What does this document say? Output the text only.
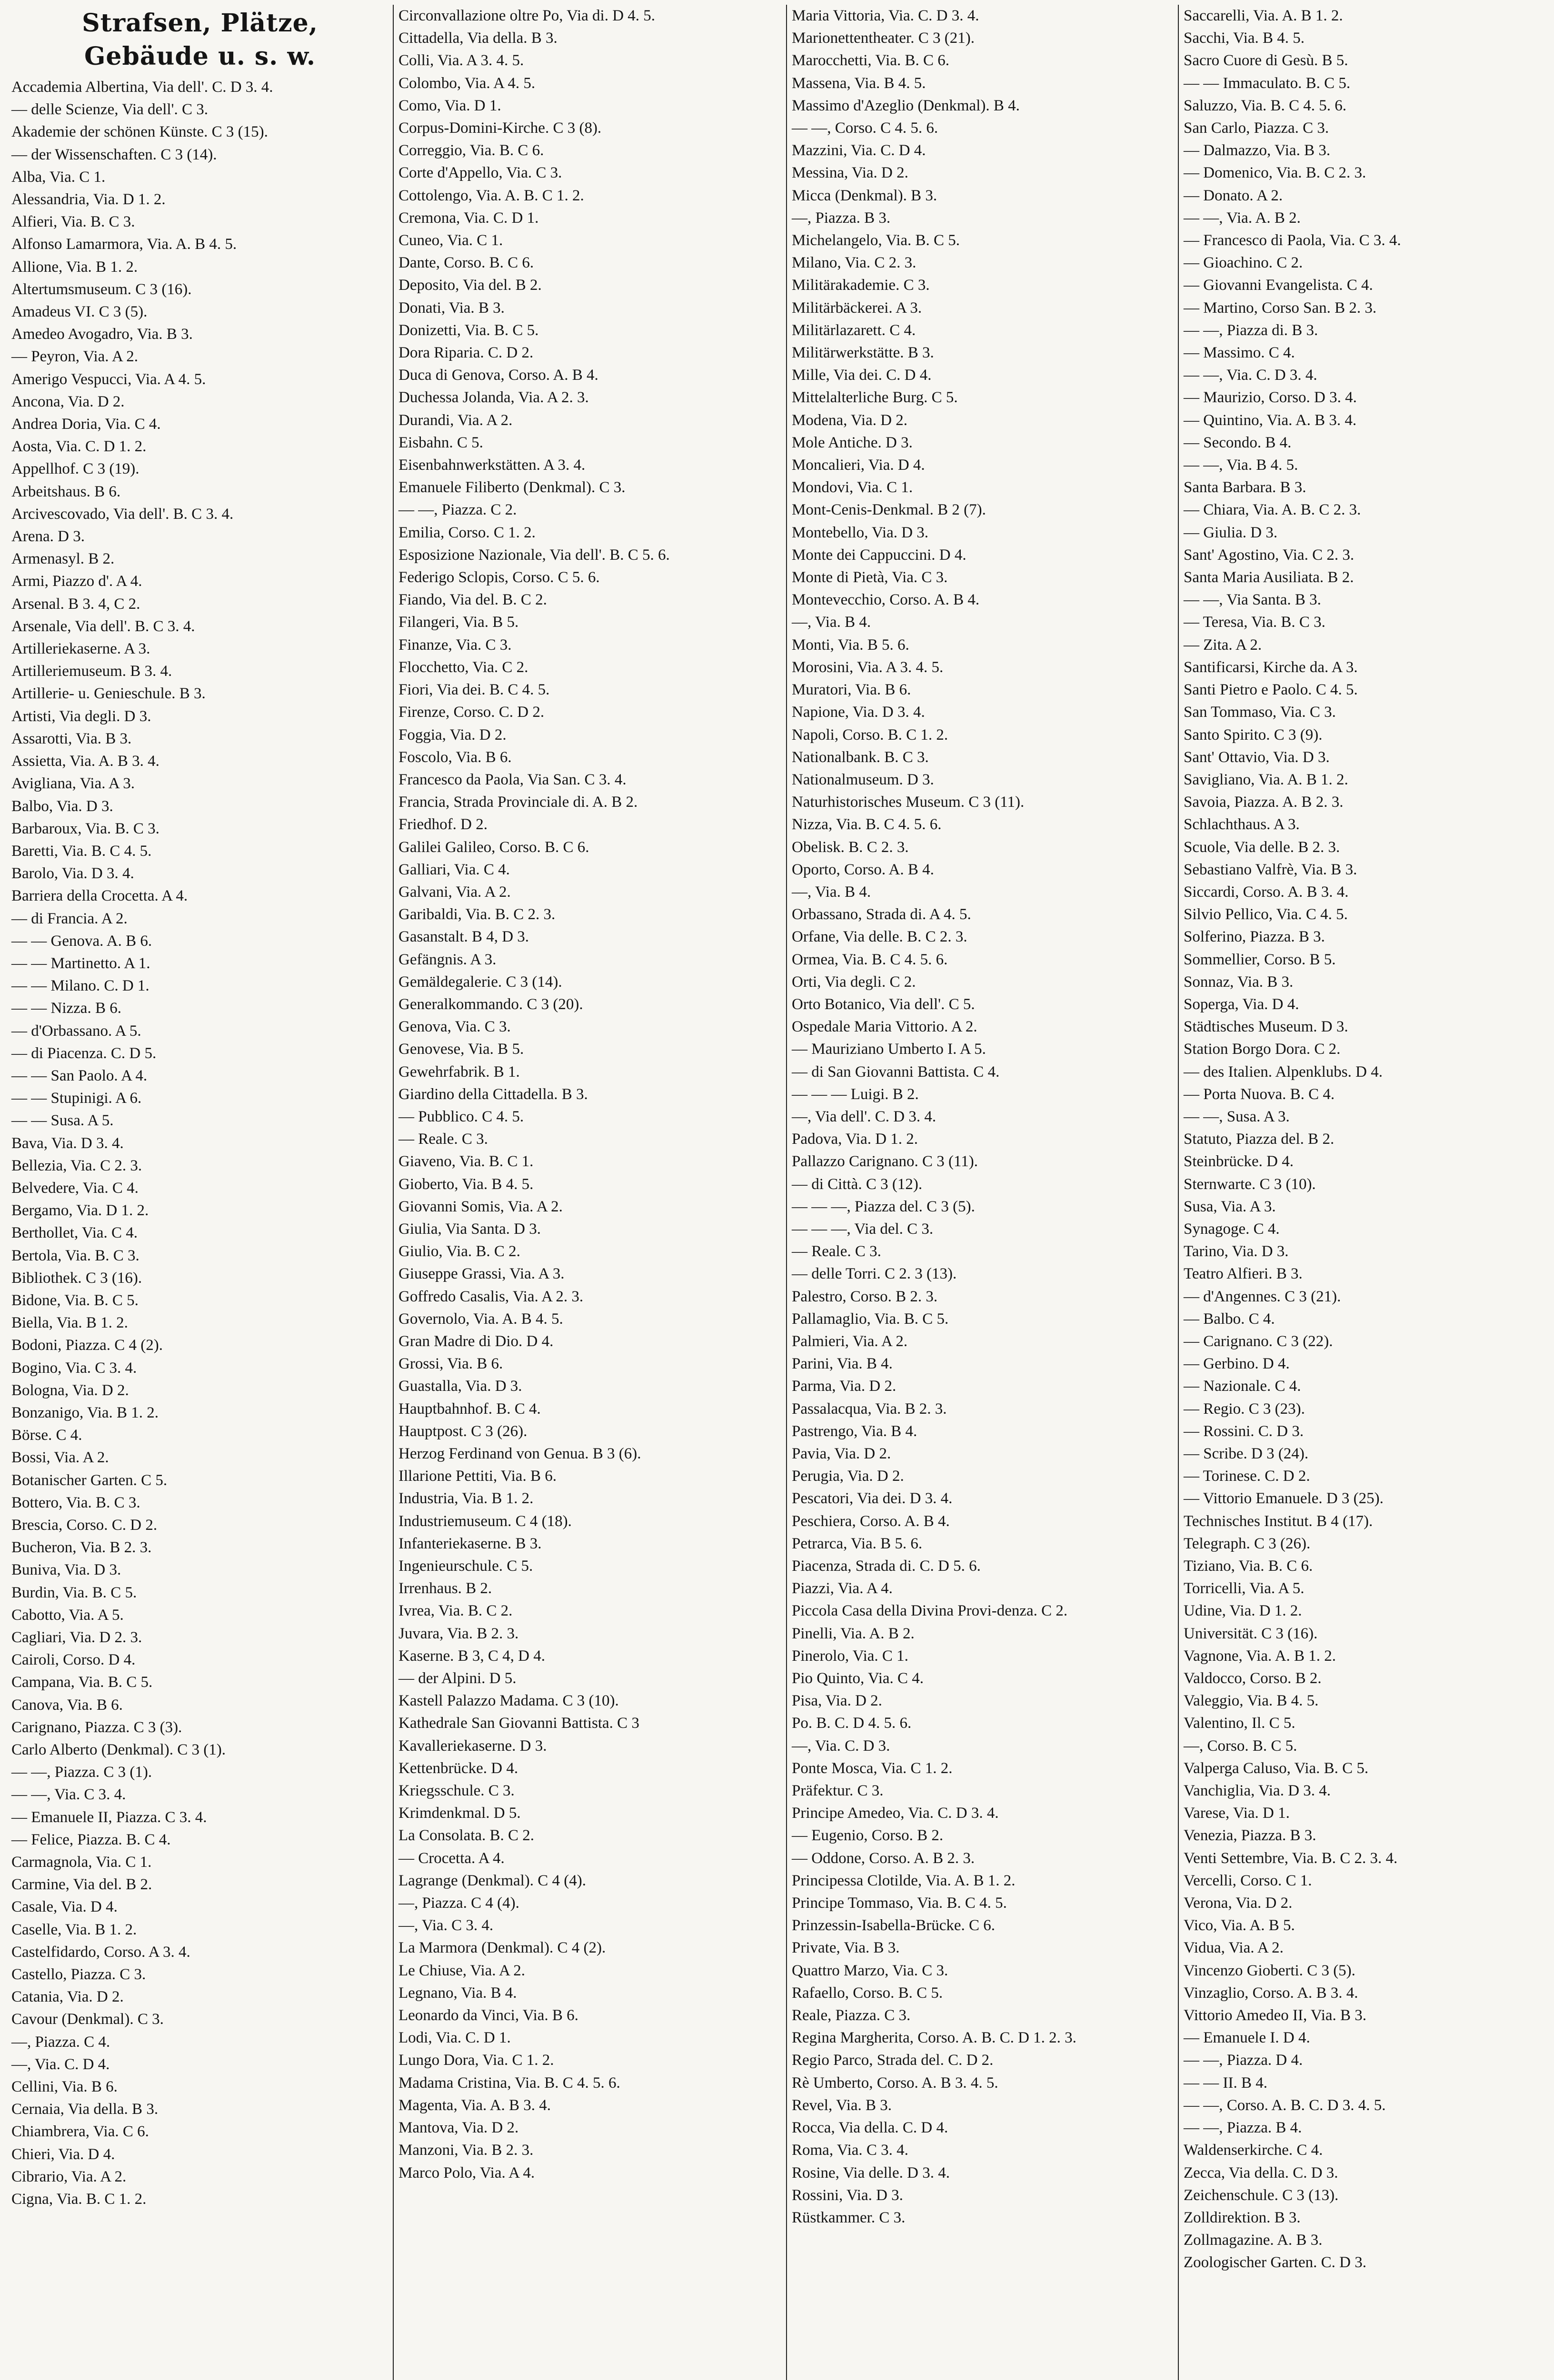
Strafsen, Plätze,
Gebäude u. s. w.
Accademia Albertina, Via dell'. C. D 3. 4.
— delle Scienze, Via dell'. C 3.
Akademie der schönen Künste. C 3 (15).
— der Wissenschaften. C 3 (14).
Alba, Via. C 1.
Alessandria, Via. D 1. 2.
Alfieri, Via. B. C 3.
Alfonso Lamarmora, Via. A. B 4. 5.
Allione, Via. B 1. 2.
Altertumsmuseum. C 3 (16).
Amadeus VI. C 3 (5).
Amedeo Avogadro, Via. B 3.
— Peyron, Via. A 2.
Amerigo Vespucci, Via. A 4. 5.
Ancona, Via. D 2.
Andrea Doria, Via. C 4.
Aosta, Via. C. D 1. 2.
Appellhof. C 3 (19).
Arbeitshaus. B 6.
Arcivescovado, Via dell'. B. C 3. 4.
Arena. D 3.
Armenasyl. B 2.
Armi, Piazzo d'. A 4.
Arsenal. B 3. 4, C 2.
Arsenale, Via dell'. B. C 3. 4.
Artilleriekaserne. A 3.
Artilleriemuseum. B 3. 4.
Artillerie- u. Genieschule. B 3.
Artisti, Via degli. D 3.
Assarotti, Via. B 3.
Assietta, Via. A. B 3. 4.
Avigliana, Via. A 3.
Balbo, Via. D 3.
Barbaroux, Via. B. C 3.
Baretti, Via. B. C 4. 5.
Barolo, Via. D 3. 4.
Barriera della Crocetta. A 4.
— di Francia. A 2.
— — Genova. A. B 6.
— — Martinetto. A 1.
— — Milano. C. D 1.
— — Nizza. B 6.
— d'Orbassano. A 5.
— di Piacenza. C. D 5.
— — San Paolo. A 4.
— — Stupinigi. A 6.
— — Susa. A 5.
Bava, Via. D 3. 4.
Bellezia, Via. C 2. 3.
Belvedere, Via. C 4.
Bergamo, Via. D 1. 2.
Berthollet, Via. C 4.
Bertola, Via. B. C 3.
Bibliothek. C 3 (16).
Bidone, Via. B. C 5.
Biella, Via. B 1. 2.
Bodoni, Piazza. C 4 (2).
Bogino, Via. C 3. 4.
Bologna, Via. D 2.
Bonzanigo, Via. B 1. 2.
Börse. C 4.
Bossi, Via. A 2.
Botanischer Garten. C 5.
Bottero, Via. B. C 3.
Brescia, Corso. C. D 2.
Bucheron, Via. B 2. 3.
Buniva, Via. D 3.
Burdin, Via. B. C 5.
Cabotto, Via. A 5.
Cagliari, Via. D 2. 3.
Cairoli, Corso. D 4.
Campana, Via. B. C 5.
Canova, Via. B 6.
Carignano, Piazza. C 3 (3).
Carlo Alberto (Denkmal). C 3 (1).
— —, Piazza. C 3 (1).
— —, Via. C 3. 4.
— Emanuele II, Piazza. C 3. 4.
— Felice, Piazza. B. C 4.
Carmagnola, Via. C 1.
Carmine, Via del. B 2.
Casale, Via. D 4.
Caselle, Via. B 1. 2.
Castelfidardo, Corso. A 3. 4.
Castello, Piazza. C 3.
Catania, Via. D 2.
Cavour (Denkmal). C 3.
—, Piazza. C 4.
—, Via. C. D 4.
Cellini, Via. B 6.
Cernaia, Via della. B 3.
Chiambrera, Via. C 6.
Chieri, Via. D 4.
Cibrario, Via. A 2.
Cigna, Via. B. C 1. 2.
Circonvallazione oltre Po, Via di. D 4. 5.
Cittadella, Via della. B 3.
Colli, Via. A 3. 4. 5.
Colombo, Via. A 4. 5.
Como, Via. D 1.
Corpus-Domini-Kirche. C 3 (8).
Correggio, Via. B. C 6.
Corte d'Appello, Via. C 3.
Cottolengo, Via. A. B. C 1. 2.
Cremona, Via. C. D 1.
Cuneo, Via. C 1.
Dante, Corso. B. C 6.
Deposito, Via del. B 2.
Donati, Via. B 3.
Donizetti, Via. B. C 5.
Dora Riparia. C. D 2.
Duca di Genova, Corso. A. B 4.
Duchessa Jolanda, Via. A 2. 3.
Durandi, Via. A 2.
Eisbahn. C 5.
Eisenbahnwerkstätten. A 3. 4.
Emanuele Filiberto (Denkmal). C 3.
— —, Piazza. C 2.
Emilia, Corso. C 1. 2.
Esposizione Nazionale, Via dell'. B. C 5. 6.
Federigo Sclopis, Corso. C 5. 6.
Fiando, Via del. B. C 2.
Filangeri, Via. B 5.
Finanze, Via. C 3.
Flocchetto, Via. C 2.
Fiori, Via dei. B. C 4. 5.
Firenze, Corso. C. D 2.
Foggia, Via. D 2.
Foscolo, Via. B 6.
Francesco da Paola, Via San. C 3. 4.
Francia, Strada Provinciale di. A. B 2.
Friedhof. D 2.
Galilei Galileo, Corso. B. C 6.
Galliari, Via. C 4.
Galvani, Via. A 2.
Garibaldi, Via. B. C 2. 3.
Gasanstalt. B 4, D 3.
Gefängnis. A 3.
Gemäldegalerie. C 3 (14).
Generalkommando. C 3 (20).
Genova, Via. C 3.
Genovese, Via. B 5.
Gewehrfabrik. B 1.
Giardino della Cittadella. B 3.
— Pubblico. C 4. 5.
— Reale. C 3.
Giaveno, Via. B. C 1.
Gioberto, Via. B 4. 5.
Giovanni Somis, Via. A 2.
Giulia, Via Santa. D 3.
Giulio, Via. B. C 2.
Giuseppe Grassi, Via. A 3.
Goffredo Casalis, Via. A 2. 3.
Governolo, Via. A. B 4. 5.
Gran Madre di Dio. D 4.
Grossi, Via. B 6.
Guastalla, Via. D 3.
Hauptbahnhof. B. C 4.
Hauptpost. C 3 (26).
Herzog Ferdinand von Genua. B 3 (6).
Illarione Pettiti, Via. B 6.
Industria, Via. B 1. 2.
Industriemuseum. C 4 (18).
Infanteriekaserne. B 3.
Ingenieurschule. C 5.
Irrenhaus. B 2.
Ivrea, Via. B. C 2.
Juvara, Via. B 2. 3.
Kaserne. B 3, C 4, D 4.
— der Alpini. D 5.
Kastell Palazzo Madama. C 3 (10).
Kathedrale San Giovanni Battista. C 3
Kavalleriekaserne. D 3.
Kettenbrücke. D 4.
Kriegsschule. C 3.
Krimdenkmal. D 5.
La Consolata. B. C 2.
— Crocetta. A 4.
Lagrange (Denkmal). C 4 (4).
—, Piazza. C 4 (4).
—, Via. C 3. 4.
La Marmora (Denkmal). C 4 (2).
Le Chiuse, Via. A 2.
Legnano, Via. B 4.
Leonardo da Vinci, Via. B 6.
Lodi, Via. C. D 1.
Lungo Dora, Via. C 1. 2.
Madama Cristina, Via. B. C 4. 5. 6.
Magenta, Via. A. B 3. 4.
Mantova, Via. D 2.
Manzoni, Via. B 2. 3.
Marco Polo, Via. A 4.
Maria Vittoria, Via. C. D 3. 4.
Marionettentheater. C 3 (21).
Marocchetti, Via. B. C 6.
Massena, Via. B 4. 5.
Massimo d'Azeglio (Denkmal). B 4.
— —, Corso. C 4. 5. 6.
Mazzini, Via. C. D 4.
Messina, Via. D 2.
Micca (Denkmal). B 3.
—, Piazza. B 3.
Michelangelo, Via. B. C 5.
Milano, Via. C 2. 3.
Militärakademie. C 3.
Militärbäckerei. A 3.
Militärlazarett. C 4.
Militärwerkstätte. B 3.
Mille, Via dei. C. D 4.
Mittelalterliche Burg. C 5.
Modena, Via. D 2.
Mole Antiche. D 3.
Moncalieri, Via. D 4.
Mondovi, Via. C 1.
Mont-Cenis-Denkmal. B 2 (7).
Montebello, Via. D 3.
Monte dei Cappuccini. D 4.
Monte di Pietà, Via. C 3.
Montevecchio, Corso. A. B 4.
—, Via. B 4.
Monti, Via. B 5. 6.
Morosini, Via. A 3. 4. 5.
Muratori, Via. B 6.
Napione, Via. D 3. 4.
Napoli, Corso. B. C 1. 2.
Nationalbank. B. C 3.
Nationalmuseum. D 3.
Naturhistorisches Museum. C 3 (11).
Nizza, Via. B. C 4. 5. 6.
Obelisk. B. C 2. 3.
Oporto, Corso. A. B 4.
—, Via. B 4.
Orbassano, Strada di. A 4. 5.
Orfane, Via delle. B. C 2. 3.
Ormea, Via. B. C 4. 5. 6.
Orti, Via degli. C 2.
Orto Botanico, Via dell'. C 5.
Ospedale Maria Vittorio. A 2.
— Mauriziano Umberto I. A 5.
— di San Giovanni Battista. C 4.
— — — Luigi. B 2.
—, Via dell'. C. D 3. 4.
Padova, Via. D 1. 2.
Pallazzo Carignano. C 3 (11).
— di Città. C 3 (12).
— — —, Piazza del. C 3 (5).
— — —, Via del. C 3.
— Reale. C 3.
— delle Torri. C 2. 3 (13).
Palestro, Corso. B 2. 3.
Pallamaglio, Via. B. C 5.
Palmieri, Via. A 2.
Parini, Via. B 4.
Parma, Via. D 2.
Passalacqua, Via. B 2. 3.
Pastrengo, Via. B 4.
Pavia, Via. D 2.
Perugia, Via. D 2.
Pescatori, Via dei. D 3. 4.
Peschiera, Corso. A. B 4.
Petrarca, Via. B 5. 6.
Piacenza, Strada di. C. D 5. 6.
Piazzi, Via. A 4.
Piccola Casa della Divina Provi-denza. C 2.
Pinelli, Via. A. B 2.
Pinerolo, Via. C 1.
Pio Quinto, Via. C 4.
Pisa, Via. D 2.
Po. B. C. D 4. 5. 6.
—, Via. C. D 3.
Ponte Mosca, Via. C 1. 2.
Präfektur. C 3.
Principe Amedeo, Via. C. D 3. 4.
— Eugenio, Corso. B 2.
— Oddone, Corso. A. B 2. 3.
Principessa Clotilde, Via. A. B 1. 2.
Principe Tommaso, Via. B. C 4. 5.
Prinzessin-Isabella-Brücke. C 6.
Private, Via. B 3.
Quattro Marzo, Via. C 3.
Rafaello, Corso. B. C 5.
Reale, Piazza. C 3.
Regina Margherita, Corso. A. B. C. D 1. 2. 3.
Regio Parco, Strada del. C. D 2.
Rè Umberto, Corso. A. B 3. 4. 5.
Revel, Via. B 3.
Rocca, Via della. C. D 4.
Roma, Via. C 3. 4.
Rosine, Via delle. D 3. 4.
Rossini, Via. D 3.
Rüstkammer. C 3.
Saccarelli, Via. A. B 1. 2.
Sacchi, Via. B 4. 5.
Sacro Cuore di Gesù. B 5.
— — Immaculato. B. C 5.
Saluzzo, Via. B. C 4. 5. 6.
San Carlo, Piazza. C 3.
— Dalmazzo, Via. B 3.
— Domenico, Via. B. C 2. 3.
— Donato. A 2.
— —, Via. A. B 2.
— Francesco di Paola, Via. C 3. 4.
— Gioachino. C 2.
— Giovanni Evangelista. C 4.
— Martino, Corso San. B 2. 3.
— —, Piazza di. B 3.
— Massimo. C 4.
— —, Via. C. D 3. 4.
— Maurizio, Corso. D 3. 4.
— Quintino, Via. A. B 3. 4.
— Secondo. B 4.
— —, Via. B 4. 5.
Santa Barbara. B 3.
— Chiara, Via. A. B. C 2. 3.
— Giulia. D 3.
Sant' Agostino, Via. C 2. 3.
Santa Maria Ausiliata. B 2.
— —, Via Santa. B 3.
— Teresa, Via. B. C 3.
— Zita. A 2.
Santificarsi, Kirche da. A 3.
Santi Pietro e Paolo. C 4. 5.
San Tommaso, Via. C 3.
Santo Spirito. C 3 (9).
Sant' Ottavio, Via. D 3.
Savigliano, Via. A. B 1. 2.
Savoia, Piazza. A. B 2. 3.
Schlachthaus. A 3.
Scuole, Via delle. B 2. 3.
Sebastiano Valfrè, Via. B 3.
Siccardi, Corso. A. B 3. 4.
Silvio Pellico, Via. C 4. 5.
Solferino, Piazza. B 3.
Sommellier, Corso. B 5.
Sonnaz, Via. B 3.
Soperga, Via. D 4.
Städtisches Museum. D 3.
Station Borgo Dora. C 2.
— des Italien. Alpenklubs. D 4.
— Porta Nuova. B. C 4.
— —, Susa. A 3.
Statuto, Piazza del. B 2.
Steinbrücke. D 4.
Sternwarte. C 3 (10).
Susa, Via. A 3.
Synagoge. C 4.
Tarino, Via. D 3.
Teatro Alfieri. B 3.
— d'Angennes. C 3 (21).
— Balbo. C 4.
— Carignano. C 3 (22).
— Gerbino. D 4.
— Nazionale. C 4.
— Regio. C 3 (23).
— Rossini. C. D 3.
— Scribe. D 3 (24).
— Torinese. C. D 2.
— Vittorio Emanuele. D 3 (25).
Technisches Institut. B 4 (17).
Telegraph. C 3 (26).
Tiziano, Via. B. C 6.
Torricelli, Via. A 5.
Udine, Via. D 1. 2.
Universität. C 3 (16).
Vagnone, Via. A. B 1. 2.
Valdocco, Corso. B 2.
Valeggio, Via. B 4. 5.
Valentino, Il. C 5.
—, Corso. B. C 5.
Valperga Caluso, Via. B. C 5.
Vanchiglia, Via. D 3. 4.
Varese, Via. D 1.
Venezia, Piazza. B 3.
Venti Settembre, Via. B. C 2. 3. 4.
Vercelli, Corso. C 1.
Verona, Via. D 2.
Vico, Via. A. B 5.
Vidua, Via. A 2.
Vincenzo Gioberti. C 3 (5).
Vinzaglio, Corso. A. B 3. 4.
Vittorio Amedeo II, Via. B 3.
— Emanuele I. D 4.
— —, Piazza. D 4.
— — II. B 4.
— —, Corso. A. B. C. D 3. 4. 5.
— —, Piazza. B 4.
Waldenserkirche. C 4.
Zecca, Via della. C. D 3.
Zeichenschule. C 3 (13).
Zolldirektion. B 3.
Zollmagazine. A. B 3.
Zoologischer Garten. C. D 3.
